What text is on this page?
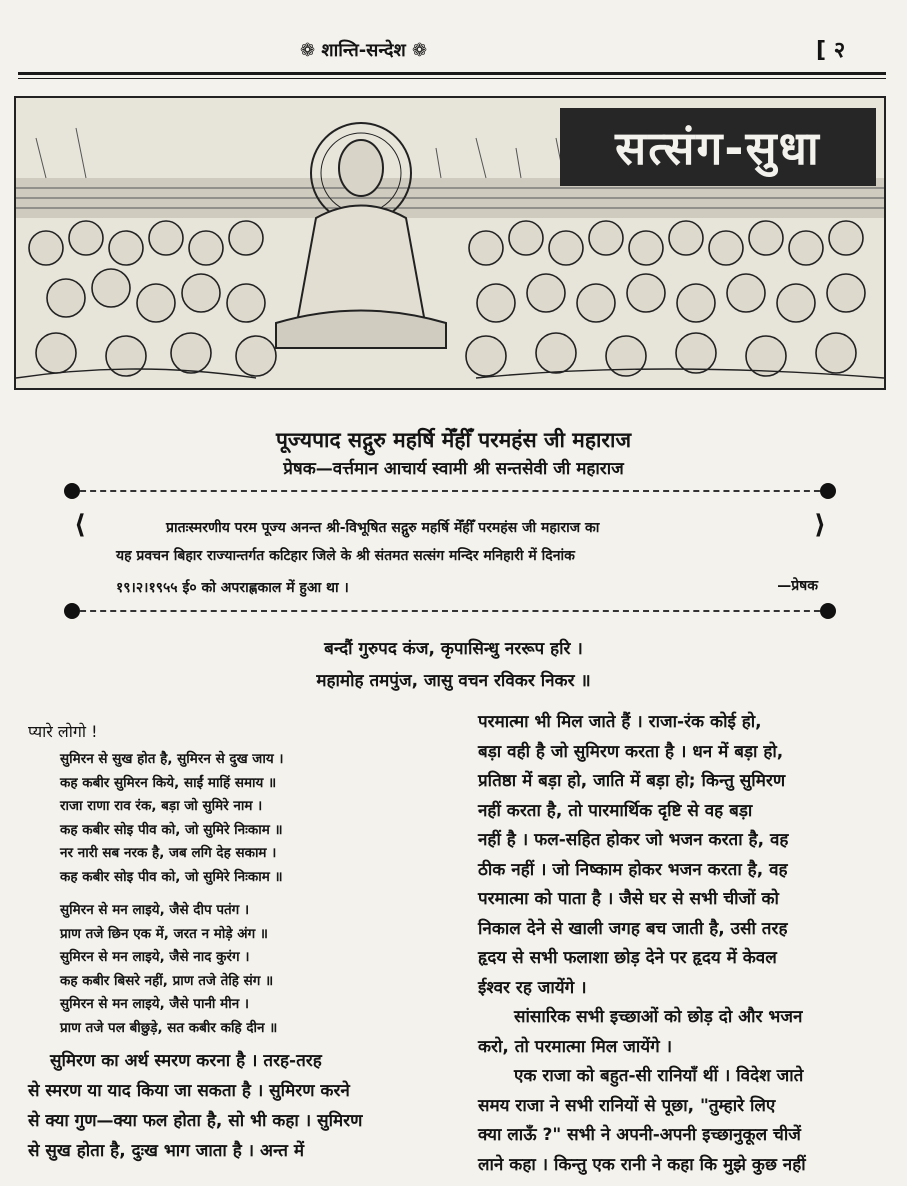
❁ शान्ति-सन्देश ❁	[ २
सत्संग-सुधा
पूज्यपाद सद्गुरु महर्षि मेँहीँ परमहंस जी महाराज
प्रेषक—वर्त्तमान आचार्य स्वामी श्री सन्तसेवी जी महाराज
⟨	⟩
प्रातःस्मरणीय परम पूज्य अनन्त श्री-विभूषित सद्गुरु महर्षि मेँहीँ परमहंस जी महाराज का
यह प्रवचन बिहार राज्यान्तर्गत कटिहार जिले के श्री संतमत सत्संग मन्दिर मनिहारी में दिनांक
१९।२।१९५५ ई० को अपराह्णकाल में हुआ था ।	—प्रेषक
बन्दौं गुरुपद कंज, कृपासिन्धु नररूप हरि ।
महामोह तमपुंज, जासु वचन रविकर निकर ॥
प्यारे लोगो !
सुमिरन से सुख होत है, सुमिरन से दुख जाय ।
कह कबीर सुमिरन किये, साईं माहिं समाय ॥
राजा राणा राव रंक, बड़ा जो सुमिरे नाम ।
कह कबीर सोइ पीव को, जो सुमिरे निःकाम ॥
नर नारी सब नरक है, जब लगि देह सकाम ।
कह कबीर सोइ पीव को, जो सुमिरे निःकाम ॥
सुमिरन से मन लाइये, जैसे दीप पतंग ।
प्राण तजे छिन एक में, जरत न मोड़े अंग ॥
सुमिरन से मन लाइये, जैसे नाद कुरंग ।
कह कबीर बिसरे नहीं, प्राण तजे तेहि संग ॥
सुमिरन से मन लाइये, जैसे पानी मीन ।
प्राण तजे पल बीछुड़े, सत कबीर कहि दीन ॥
सुमिरण का अर्थ स्मरण करना है । तरह-तरह
से स्मरण या याद किया जा सकता है । सुमिरण करने
से क्या गुण—क्या फल होता है, सो भी कहा । सुमिरण
से सुख होता है, दुःख भाग जाता है । अन्त में
परमात्मा भी मिल जाते हैं । राजा-रंक कोई हो,
बड़ा वही है जो सुमिरण करता है । धन में बड़ा हो,
प्रतिष्ठा में बड़ा हो, जाति में बड़ा हो; किन्तु सुमिरण
नहीं करता है, तो पारमार्थिक दृष्टि से वह बड़ा
नहीं है । फल-सहित होकर जो भजन करता है, वह
ठीक नहीं । जो निष्काम होकर भजन करता है, वह
परमात्मा को पाता है । जैसे घर से सभी चीजों को
निकाल देने से खाली जगह बच जाती है, उसी तरह
हृदय से सभी फलाशा छोड़ देने पर हृदय में केवल
ईश्वर रह जायेंगे ।
सांसारिक सभी इच्छाओं को छोड़ दो और भजन
करो, तो परमात्मा मिल जायेंगे ।
एक राजा को बहुत-सी रानियाँ थीं । विदेश जाते
समय राजा ने सभी रानियों से पूछा, "तुम्हारे लिए
क्या लाऊँ ?" सभी ने अपनी-अपनी इच्छानुकूल चीजें
लाने कहा । किन्तु एक रानी ने कहा कि मुझे कुछ नहीं
